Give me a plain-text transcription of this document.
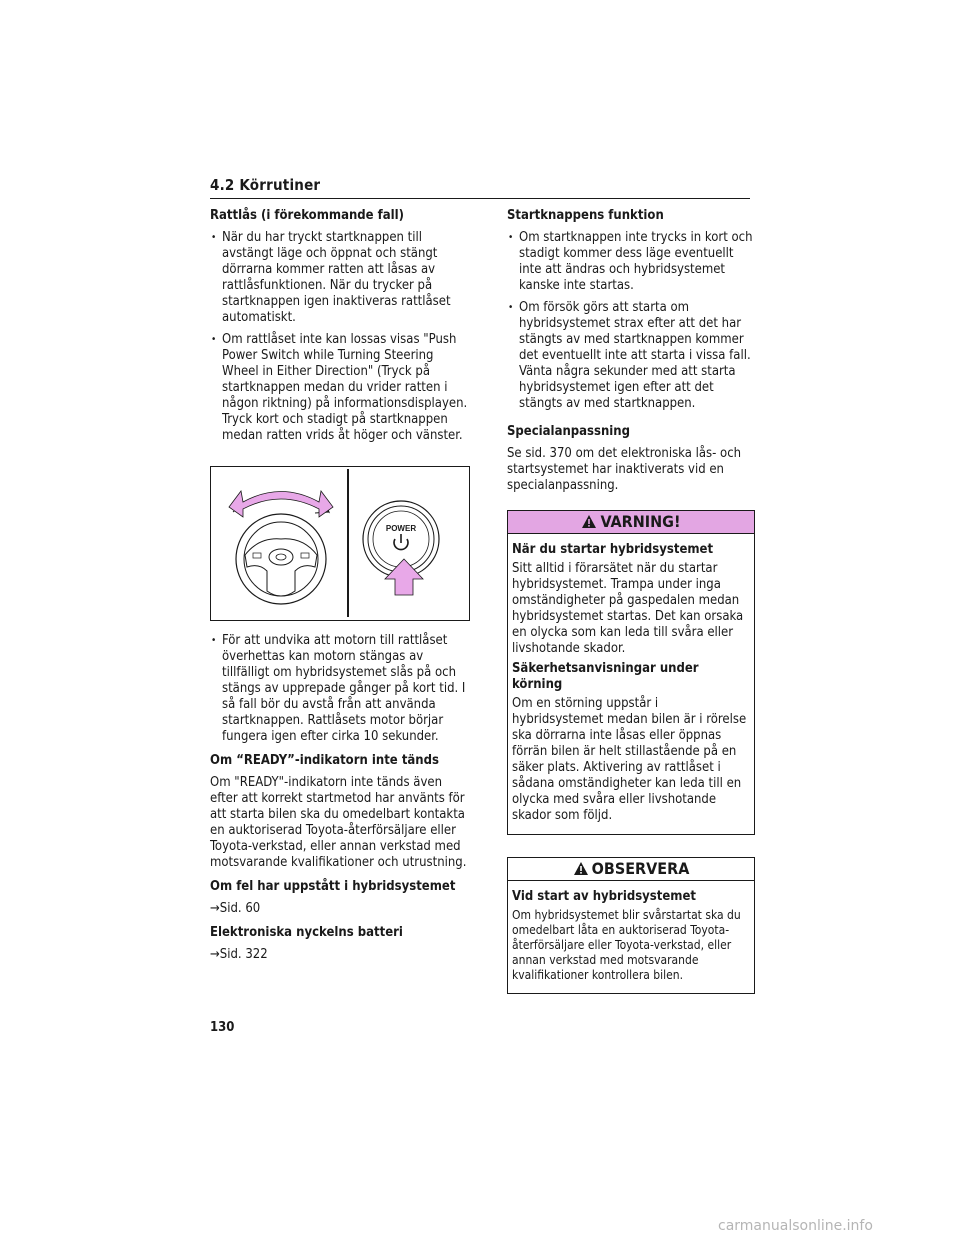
4.2 Körrutiner
Rattlås (i förekommande fall)
• När du har tryckt startknappen till avstängt läge och öppnat och stängt dörrarna kommer ratten att låsas av rattlåsfunktionen. När du trycker på startknappen igen inaktiveras rattlåset automatiskt.
• Om rattlåset inte kan lossas visas "Push Power Switch while Turning Steering Wheel in Either Direction" (Tryck på startknappen medan du vrider ratten i någon riktning) på informationsdisplayen. Tryck kort och stadigt på startknappen medan ratten vrids åt höger och vänster.
POWER
• För att undvika att motorn till rattlåset överhettas kan motorn stängas av tillfälligt om hybridsystemet slås på och stängs av upprepade gånger på kort tid. I så fall bör du avstå från att använda startknappen. Rattlåsets motor börjar fungera igen efter cirka 10 sekunder.
Om “READY”-indikatorn inte tänds
Om "READY"-indikatorn inte tänds även efter att korrekt startmetod har använts för att starta bilen ska du omedelbart kontakta en auktoriserad Toyota-återförsäljare eller Toyota-verkstad, eller annan verkstad med motsvarande kvalifikationer och utrustning.
Om fel har uppstått i hybridsystemet
→Sid. 60
Elektroniska nyckelns batteri
→Sid. 322
Startknappens funktion
• Om startknappen inte trycks in kort och stadigt kommer dess läge eventuellt inte att ändras och hybridsystemet kanske inte startas.
• Om försök görs att starta om hybridsystemet strax efter att det har stängts av med startknappen kommer det eventuellt inte att starta i vissa fall. Vänta några sekunder med att starta hybridsystemet igen efter att det stängts av med startknappen.
Specialanpassning
Se sid. 370 om det elektroniska lås- och startsystemet har inaktiverats vid en specialanpassning.
VARNING!
När du startar hybridsystemet
Sitt alltid i förarsätet när du startar hybridsystemet. Trampa under inga omständigheter på gaspedalen medan hybridsystemet startas. Det kan orsaka en olycka som kan leda till svåra eller livshotande skador.
Säkerhetsanvisningar under körning
Om en störning uppstår i hybridsystemet medan bilen är i rörelse ska dörrarna inte låsas eller öppnas förrän bilen är helt stillastående på en säker plats. Aktivering av rattlåset i sådana omständigheter kan leda till en olycka med svåra eller livshotande skador som följd.
OBSERVERA
Vid start av hybridsystemet
Om hybridsystemet blir svårstartat ska du omedelbart låta en auktoriserad Toyota-återförsäljare eller Toyota-verkstad, eller annan verkstad med motsvarande kvalifikationer kontrollera bilen.
130
carmanualsonline.info
